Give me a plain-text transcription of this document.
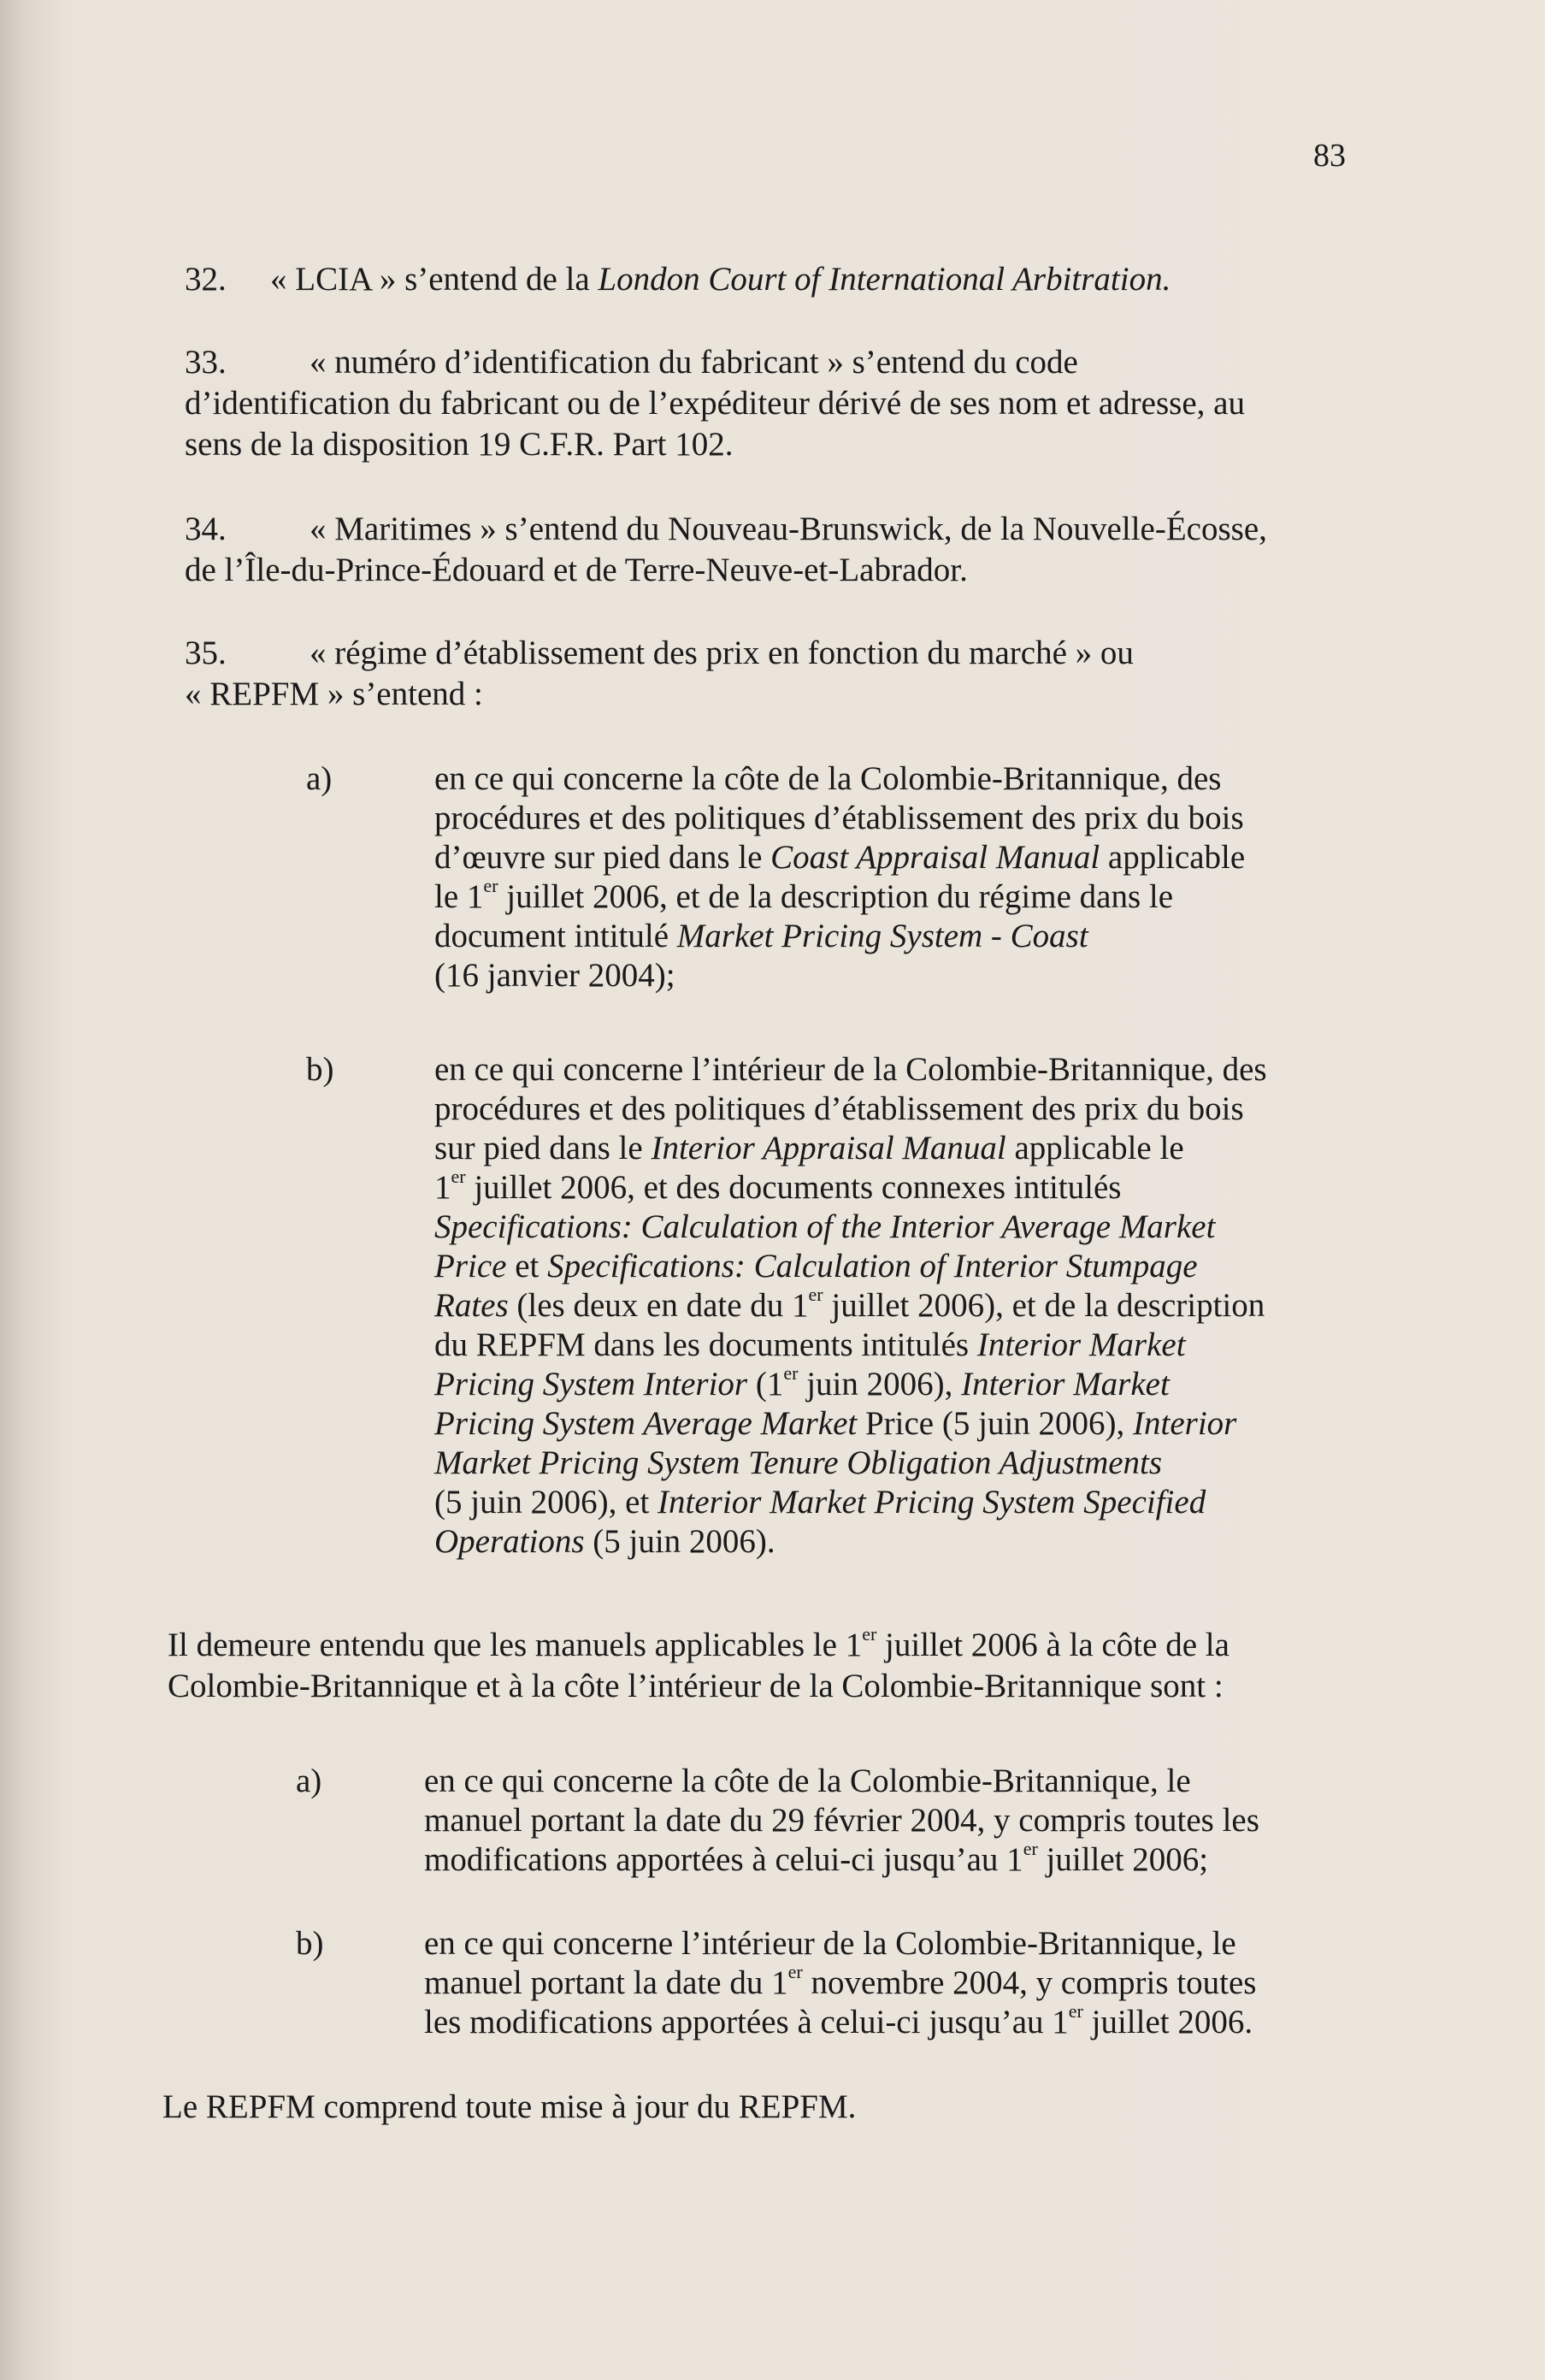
83
32. « LCIA » s’entend de la London Court of International Arbitration.
33. « numéro d’identification du fabricant » s’entend du code
d’identification du fabricant ou de l’expéditeur dérivé de ses nom et adresse, au
sens de la disposition 19 C.F.R. Part 102.
34. « Maritimes » s’entend du Nouveau-Brunswick, de la Nouvelle-Écosse,
de l’Île-du-Prince-Édouard et de Terre-Neuve-et-Labrador.
35. « régime d’établissement des prix en fonction du marché » ou
« REPFM » s’entend :
a)	en ce qui concerne la côte de la Colombie-Britannique, des
procédures et des politiques d’établissement des prix du bois
d’œuvre sur pied dans le Coast Appraisal Manual applicable
le 1er juillet 2006, et de la description du régime dans le
document intitulé Market Pricing System - Coast
(16 janvier 2004);
b)	en ce qui concerne l’intérieur de la Colombie-Britannique, des
procédures et des politiques d’établissement des prix du bois
sur pied dans le Interior Appraisal Manual applicable le
1er juillet 2006, et des documents connexes intitulés
Specifications: Calculation of the Interior Average Market
Price et Specifications: Calculation of Interior Stumpage
Rates (les deux en date du 1er juillet 2006), et de la description
du REPFM dans les documents intitulés Interior Market
Pricing System Interior (1er juin 2006), Interior Market
Pricing System Average Market Price (5 juin 2006), Interior
Market Pricing System Tenure Obligation Adjustments
(5 juin 2006), et Interior Market Pricing System Specified
Operations (5 juin 2006).
Il demeure entendu que les manuels applicables le 1er juillet 2006 à la côte de la
Colombie-Britannique et à la côte l’intérieur de la Colombie-Britannique sont :
a)	en ce qui concerne la côte de la Colombie-Britannique, le
manuel portant la date du 29 février 2004, y compris toutes les
modifications apportées à celui-ci jusqu’au 1er juillet 2006;
b)	en ce qui concerne l’intérieur de la Colombie-Britannique, le
manuel portant la date du 1er novembre 2004, y compris toutes
les modifications apportées à celui-ci jusqu’au 1er juillet 2006.
Le REPFM comprend toute mise à jour du REPFM.
